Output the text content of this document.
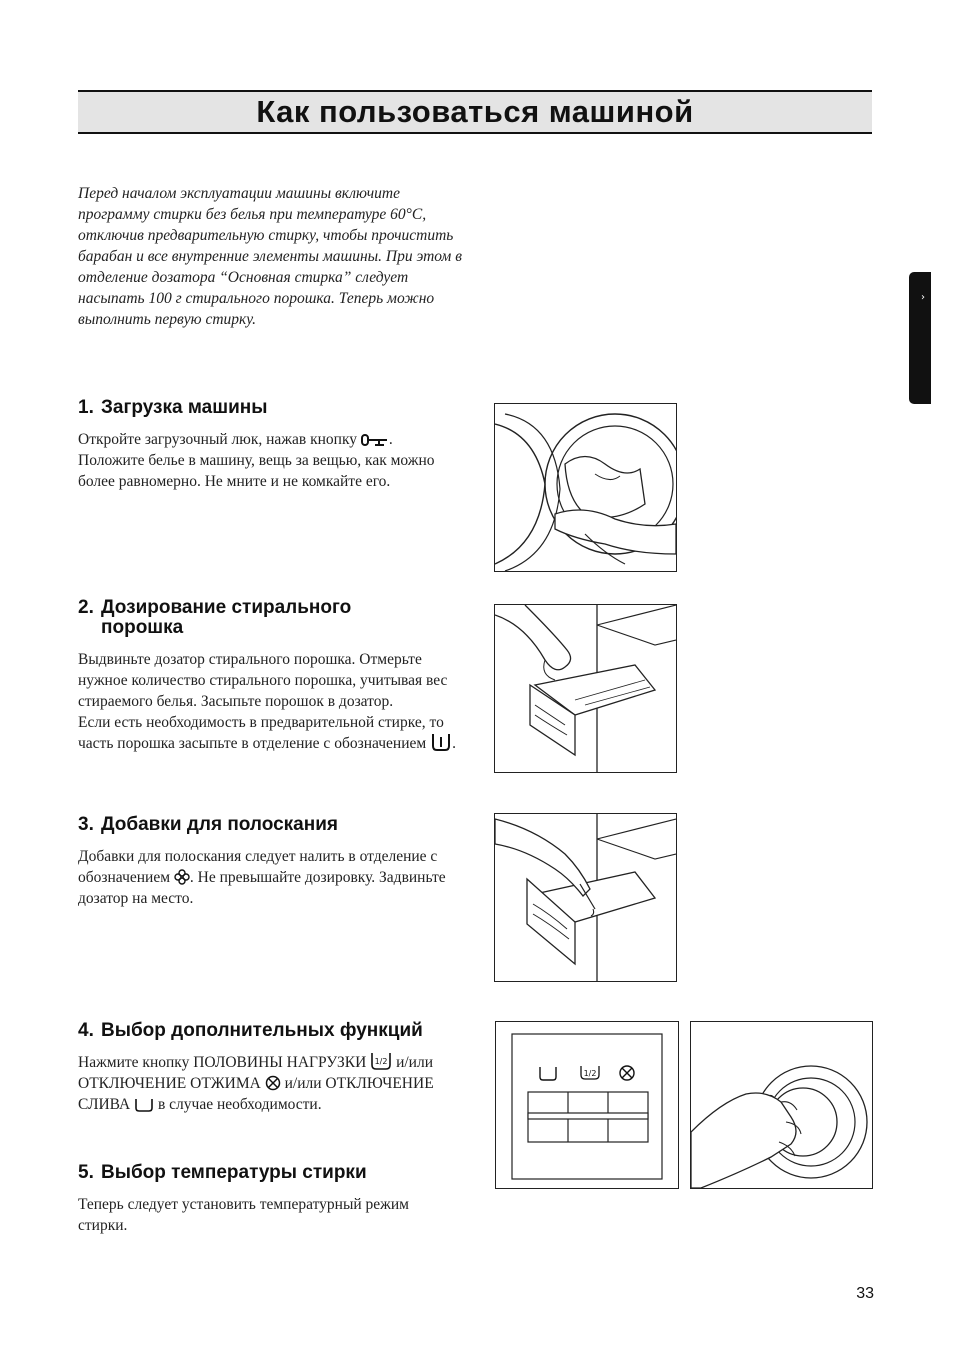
Как пользоваться машиной
Перед началом эксплуатации машины включите программу стирки без белья при температуре 60°С, отключив предварительную стирку, чтобы прочистить барабан и все внутренние элементы машины. При этом в отделение дозатора “Основная стирка” следует насыпать 100 г стирального порошка. Теперь можно выполнить первую стирку.
›
1. Загрузка машины
Откройте загрузочный люк, нажав кнопку . Положите белье в машину, вещь за вещью, как можно более равномерно. Не мните и не комкайте его.
2. Дозирование стирального порошка
Выдвиньте дозатор стирального порошка. Отмерьте нужное количество стирального порошка, учитывая вес стираемого белья. Засыпьте порошок в дозатор.
Если есть необходимость в предварительной стирке, то часть порошка засыпьте в отделение с обозначением .
3. Добавки для полоскания
Добавки для полоскания следует налить в отделение с обозначением . Не превышайте дозировку. Задвиньте дозатор на место.
4. Выбор дополнительных функций
Нажмите кнопку ПОЛОВИНЫ НАГРУЗКИ 1/2 и/или ОТКЛЮЧЕНИЕ ОТЖИМА и/или ОТКЛЮЧЕНИЕ СЛИВА в случае необходимости.
5. Выбор температуры стирки
Теперь следует установить температурный режим стирки.
1/2
33
